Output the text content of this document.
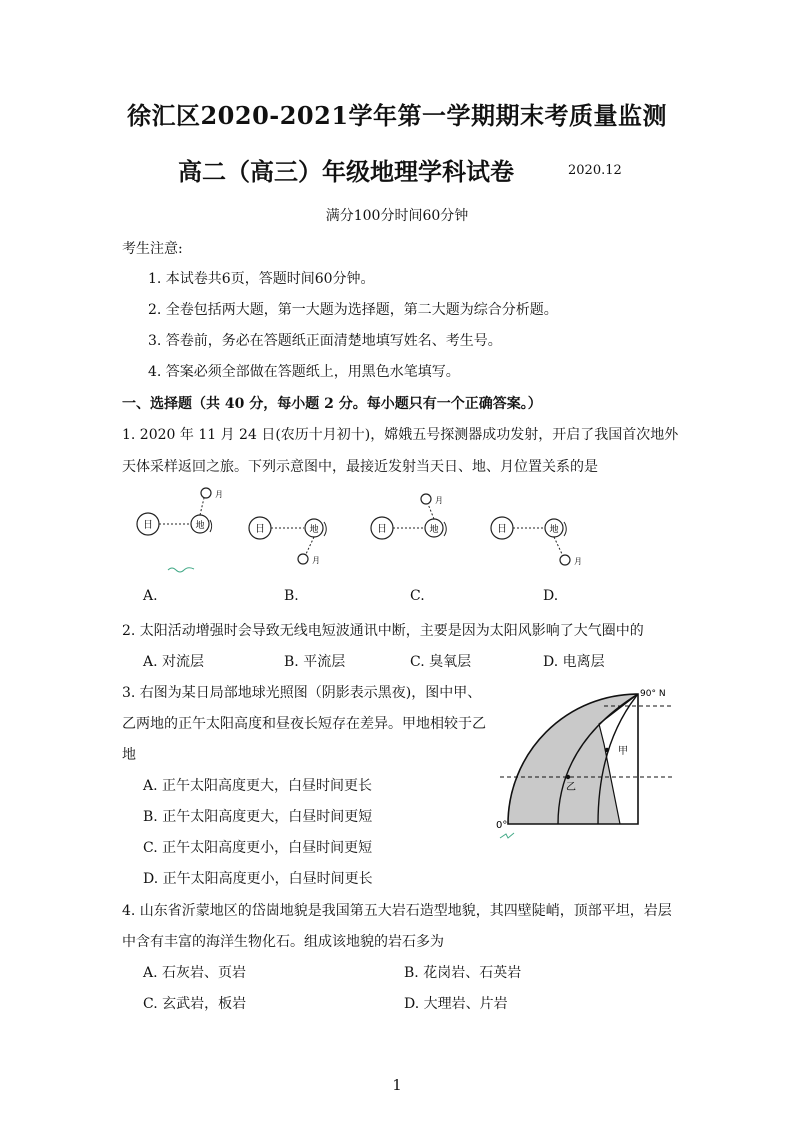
徐汇区2020-2021学年第一学期期末考质量监测
高二（高三）年级地理学科试卷	2020.12
满分100分时间60分钟
考生注意:
1. 本试卷共6页，答题时间60分钟。
2. 全卷包括两大题，第一大题为选择题，第二大题为综合分析题。
3. 答卷前，务必在答题纸正面清楚地填写姓名、考生号。
4. 答案必须全部做在答题纸上，用黑色水笔填写。
一、选择题（共 40 分，每小题 2 分。每小题只有一个正确答案。）
1. 2020 年 11 月 24 日(农历十月初十)，嫦娥五号探测器成功发射，开启了我国首次地外
天体采样返回之旅。下列示意图中，最接近发射当天日、地、月位置关系的是
日	地
月
日	地
月
日	地
月
日	地
月
A.	B.	C.	D.
2. 太阳活动增强时会导致无线电短波通讯中断，主要是因为太阳风影响了大气圈中的
A. 对流层	B. 平流层	C. 臭氧层	D. 电离层
3. 右图为某日局部地球光照图（阴影表示黑夜)，图中甲、
乙两地的正午太阳高度和昼夜长短存在差异。甲地相较于乙
地
A. 正午太阳高度更大，白昼时间更长
B. 正午太阳高度更大，白昼时间更短
C. 正午太阳高度更小，白昼时间更短
D. 正午太阳高度更小，白昼时间更长
甲
乙
90° N
0°
4. 山东省沂蒙地区的岱崮地貌是我国第五大岩石造型地貌，其四壁陡峭，顶部平坦，岩层
中含有丰富的海洋生物化石。组成该地貌的岩石多为
A. 石灰岩、页岩	B. 花岗岩、石英岩
C. 玄武岩，板岩	D. 大理岩、片岩
1
